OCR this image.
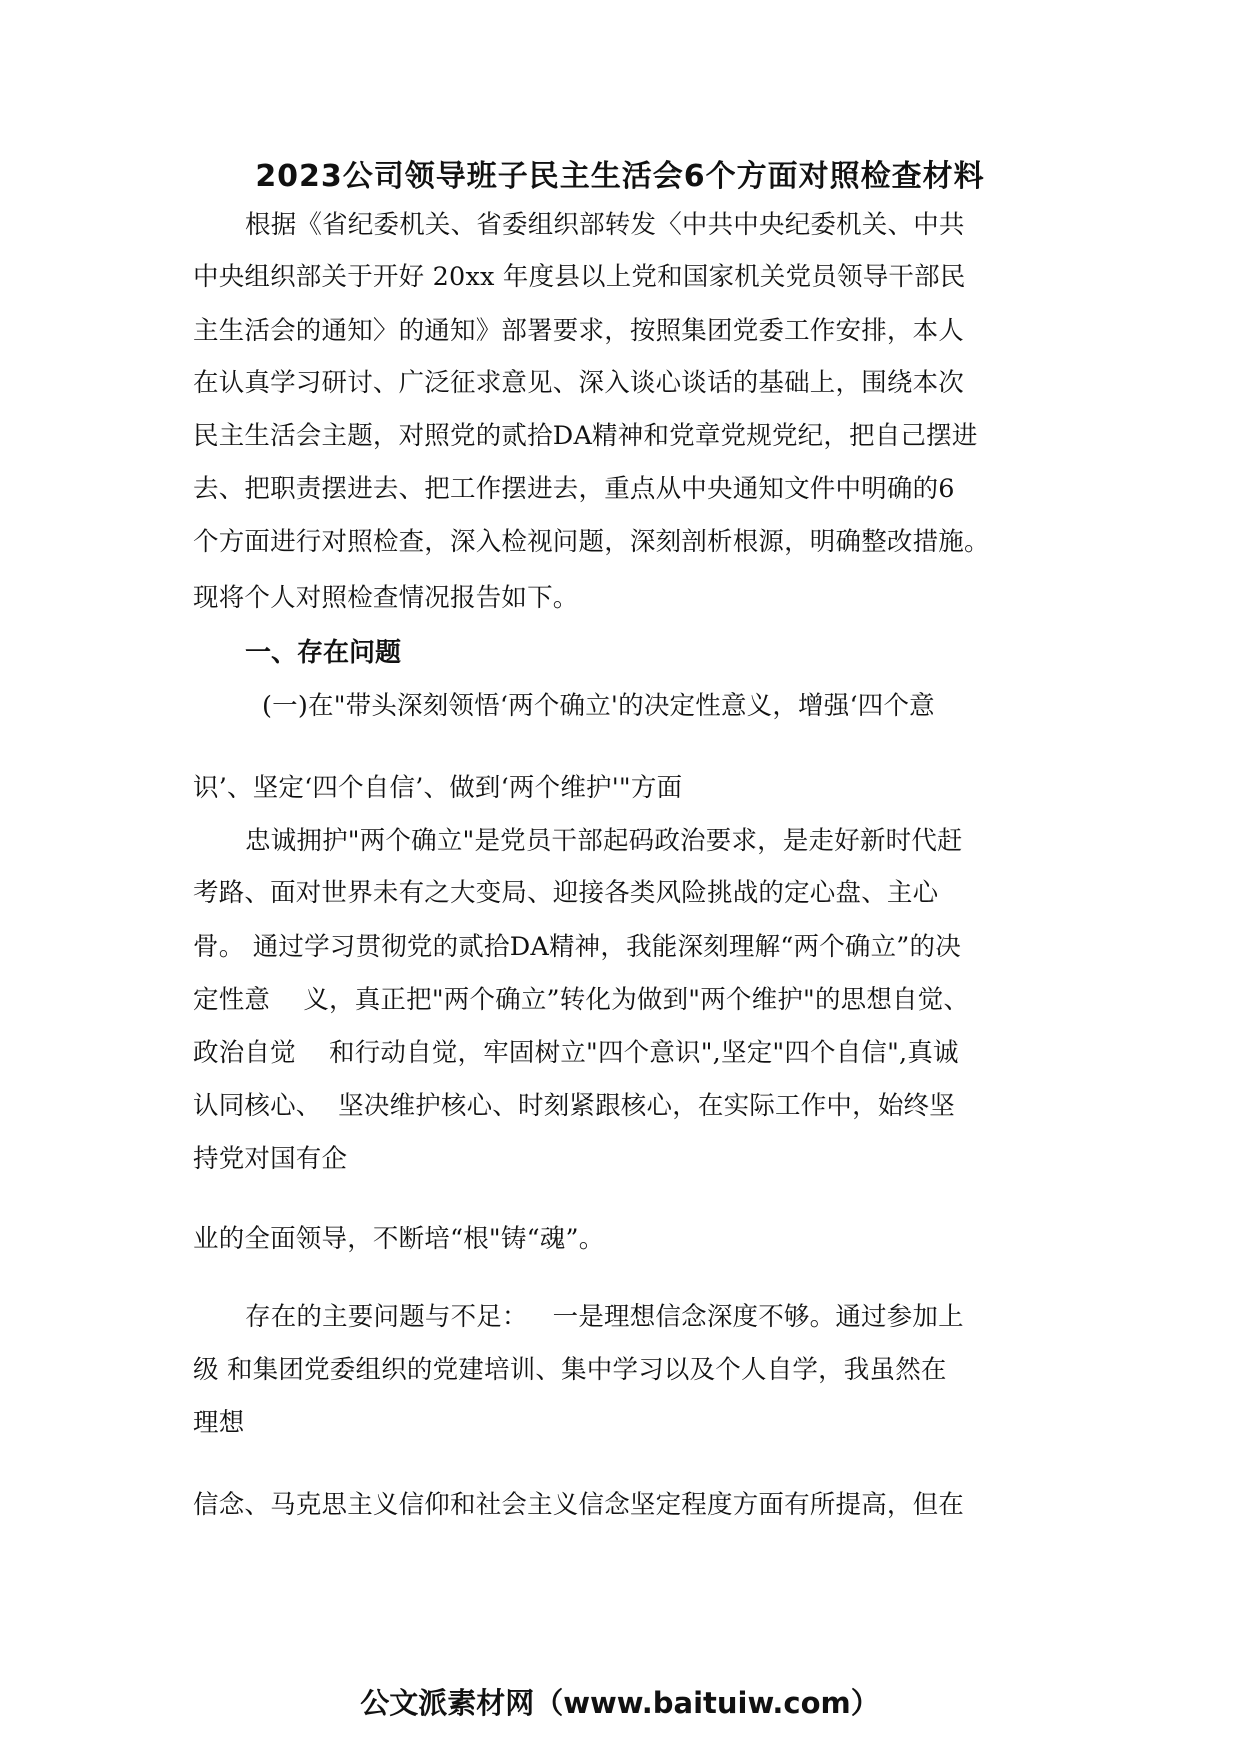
2023公司领导班子民主生活会6个方面对照检查材料
根据《省纪委机关、省委组织部转发〈中共中央纪委机关、中共
中央组织部关于开好 20xx 年度县以上党和国家机关党员领导干部民
主生活会的通知〉的通知》部署要求，按照集团党委工作安排，本人
在认真学习研讨、广泛征求意见、深入谈心谈话的基础上，围绕本次
民主生活会主题，对照党的贰拾DA精神和党章党规党纪，把自己摆进
去、把职责摆进去、把工作摆进去，重点从中央通知文件中明确的6
个方面进行对照检查，深入检视问题，深刻剖析根源，明确整改措施。
现将个人对照检查情况报告如下。
一、存在问题
(一)在"带头深刻领悟‘两个确立'的决定性意义，增强‘四个意
识’、坚定‘四个自信’、做到‘两个维护'"方面
忠诚拥护"两个确立"是党员干部起码政治要求，是走好新时代赶
考路、面对世界未有之大变局、迎接各类风险挑战的定心盘、主心
骨。 通过学习贯彻党的贰拾DA精神，我能深刻理解“两个确立”的决
定性意    义，真正把"两个确立”转化为做到"两个维护"的思想自觉、
政治自觉    和行动自觉，牢固树立"四个意识",坚定"四个自信",真诚
认同核心、  坚决维护核心、时刻紧跟核心，在实际工作中，始终坚
持党对国有企
业的全面领导，不断培“根"铸“魂”。
存在的主要问题与不足：   一是理想信念深度不够。通过参加上
级 和集团党委组织的党建培训、集中学习以及个人自学，我虽然在
理想
信念、马克思主义信仰和社会主义信念坚定程度方面有所提高，但在
公文派素材网（www.baituiw.com）
